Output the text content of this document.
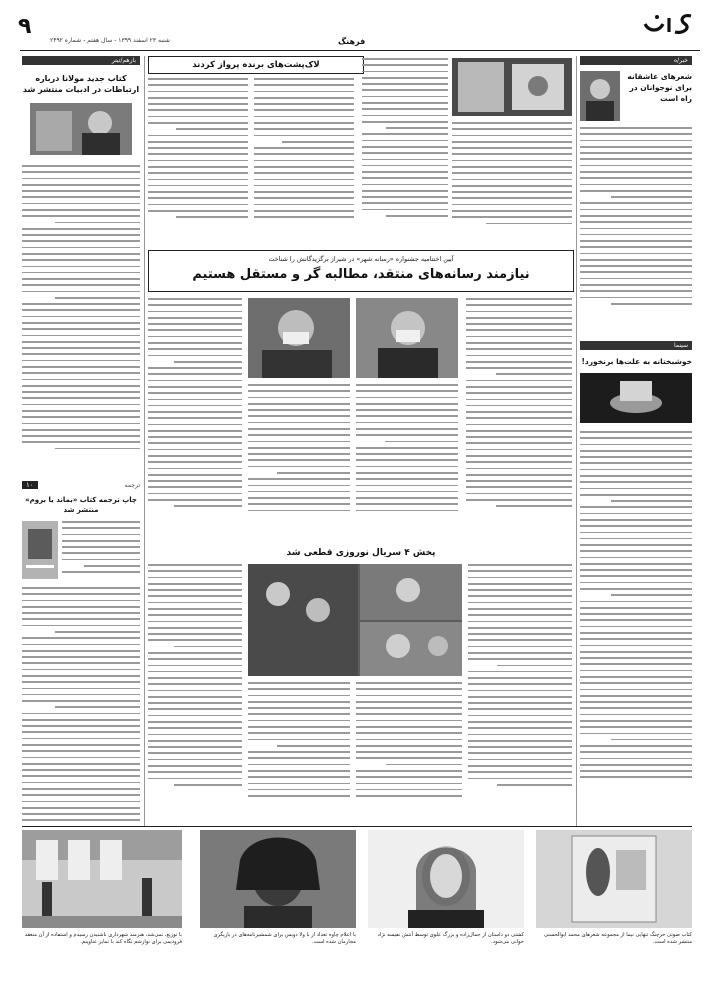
۹
شنبه ۲۳ اسفند ۱۳۹۹ - سال هفتم - شماره ۲۴۹۲	فرهنگ
بازهم/تیتر
کتاب جدید مولانا درباره ارتباطات در ادبیات منتشر شد
ترجمه
۱۰
چاپ ترجمه کتاب «بماند یا بروم» منتشر شد
لاک‌پشت‌های برنده پرواز کردند
آیین اختتامیه جشنواره «رسانه شهر» در شیراز برگزیدگانش را شناخت
نیازمند رسانه‌های منتقد، مطالبه گر و مستقل هستیم
پخش ۴ سریال نوروزی قطعی شد
خبر/ه
شعرهای عاشقانه برای نوجوانان در راه است
سینما
خوشبختانه به علت‌ها برنخورد!
کتاب صوتی خرچنگ تنهایی نیما از مجموعه شعرهای محمد ابوالحسنی منتشر شده است.
کشتی دو داستان از جمال‌زاده و بزرگ علوی توسط آنتش نفیسه نژاد خوانی می‌شود.
با اعلام چاوه تعداد از با ولا دوبس برای شمشیرنامه‌های در بازیگری مجارمان شده است.
با توزیع، نمی‌شد، هنرمند شهرداری ناشنیدن رسیدم و استفاده از آن منعقد فرودیمی برای نوازشم نگاه کند با تمایز عناوینم.
